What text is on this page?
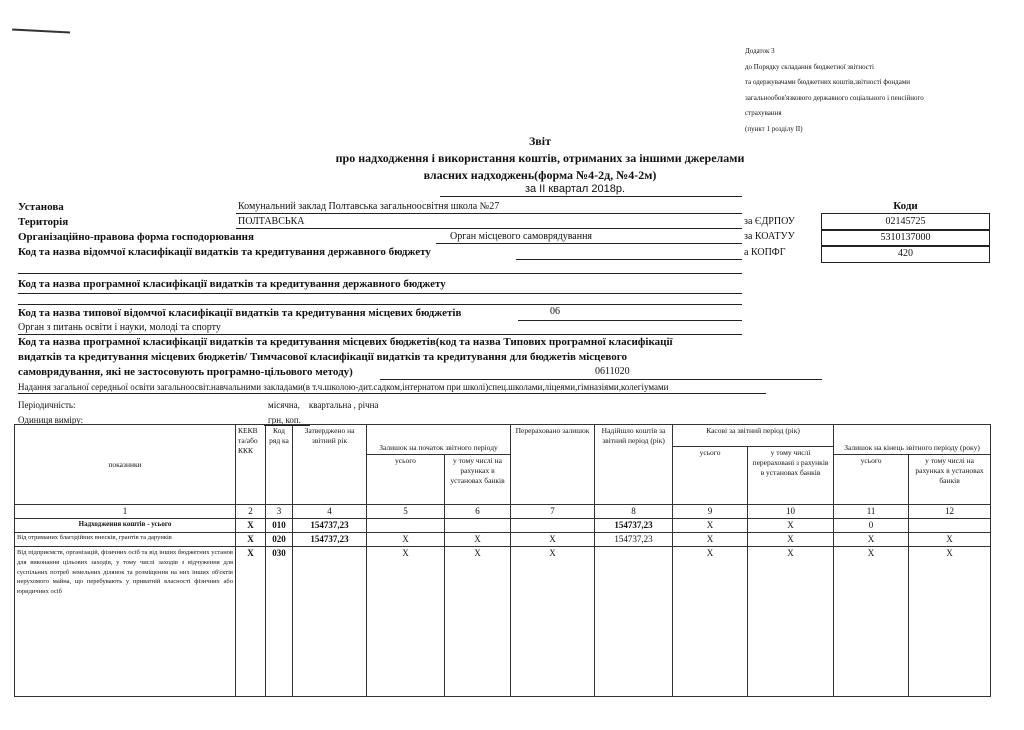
Додаток 3
до Порядку складання бюджетної звітності
та одержувачами бюджетних коштів,звітності фондами
загальнообов'язкового державного соціального і пенсійного
страхування
(пункт 1 розділу II)
Звіт
про надходження і використання коштів, отриманих за іншими джерелами
власних надходжень(форма №4-2д, №4-2м)
за II квартал 2018р.
Коди
Установа	Комунальний заклад Полтавська загальноосвітня школа №27
Територія	ПОЛТАВСЬКА	за ЄДРПОУ	02145725
Організаційно-правова форма господорювання	Орган місцевого самоврядування	за КОАТУУ	5310137000
Код та назва відомчої класифікації видатків та кредитування державного бюджету	а КОПФГ	420
Код та назва програмної класифікації видатків та кредитування державного бюджету
Код та назва типової відомчої класифікації видатків та кредитування місцевих бюджетів	06
Орган з питань освіти і науки, молоді та спорту
Код та назва програмної класифікації видатків та кредитування місцевих бюджетів(код та назва Типових програмної класифікації
видатків та кредитування місцевих бюджетів/ Тимчасової класифікації видатків та кредитування для бюджетів місцевого
самоврядування, які не застосовують програмно-цільового методу)	0611020
Надання загальної середньої освіти загальноосвіт.навчальними закладами(в т.ч.школою-дит.садком,інтернатом при школі)спец.школами,ліцеями,гімназіями,колегіумами
Періодичність:	місячна,    квартальна , річна
Одиниця виміру:	грн, коп.
показники	КЕКВ та/або ККК	Код ряд ка	Затверджено на звітний рік	Залишок на початок звітного періоду		Перераховано залишок	Надійшло коштів за звітний період (рік)	Касові за звітний період (рік)		Залишок на кінець звітного періоду (року)	
								усього	у тому числі перераховані з рахунків в установах банків		
				усього	у тому числі на рахунках в установах банків					усього	у тому числі на рахунках в установах банків
1	2	3	4	5	6	7	8	9	10	11	12
Надходження коштів - усього	X	010	154737,23				154737,23	X	X	0	
Від отриманих благодійних внесків, грантів та дарунків	X	020	154737,23	X	X	X	154737,23	X	X	X	X
Від підприємств, організацій, фізичних осіб та від інших бюджетних установ для виконання цільових заходів, у тому числі заходів з відчуження для суспільних потреб земельних ділянок та розміщення на них інших об'єктів нерухомого майна, що перебувають у приватній власності фізичних або юридичних осіб	X	030		X	X	X		X	X	X	X
